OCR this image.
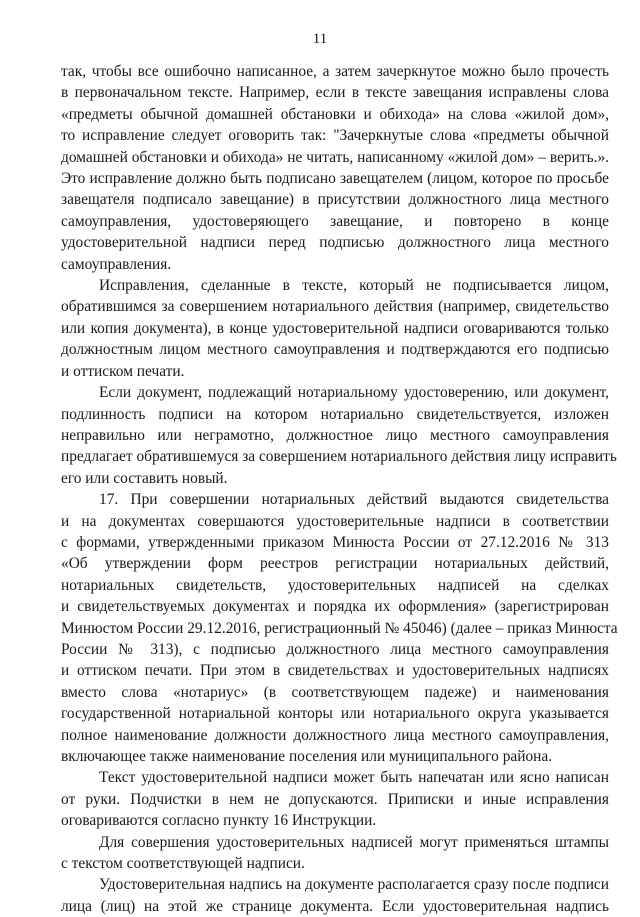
11

так, чтобы все ошибочно написанное, а затем зачеркнутое можно было прочесть
в первоначальном тексте. Например, если в тексте завещания исправлены слова
«предметы обычной домашней обстановки и обихода» на слова «жилой дом»,
то исправление следует оговорить так: "Зачеркнутые слова «предметы обычной
домашней обстановки и обихода» не читать, написанному «жилой дом» – верить.».
Это исправление должно быть подписано завещателем (лицом, которое по просьбе
завещателя подписало завещание) в присутствии должностного лица местного
самоуправления, удостоверяющего завещание, и повторено в конце
удостоверительной надписи перед подписью должностного лица местного
самоуправления.

Исправления, сделанные в тексте, который не подписывается лицом,
обратившимся за совершением нотариального действия (например, свидетельство
или копия документа), в конце удостоверительной надписи оговариваются только
должностным лицом местного самоуправления и подтверждаются его подписью
и оттиском печати.

Если документ, подлежащий нотариальному удостоверению, или документ,
подлинность подписи на котором нотариально свидетельствуется, изложен
неправильно или неграмотно, должностное лицо местного самоуправления
предлагает обратившемуся за совершением нотариального действия лицу исправить
его или составить новый.

17. При совершении нотариальных действий выдаются свидетельства
и на документах совершаются удостоверительные надписи в соответствии
с формами, утвержденными приказом Минюста России от 27.12.2016 № 313
«Об утверждении форм реестров регистрации нотариальных действий,
нотариальных свидетельств, удостоверительных надписей на сделках
и свидетельствуемых документах и порядка их оформления» (зарегистрирован
Минюстом России 29.12.2016, регистрационный № 45046) (далее – приказ Минюста
России № 313), с подписью должностного лица местного самоуправления
и оттиском печати. При этом в свидетельствах и удостоверительных надписях
вместо слова «нотариус» (в соответствующем падеже) и наименования
государственной нотариальной конторы или нотариального округа указывается
полное наименование должности должностного лица местного самоуправления,
включающее также наименование поселения или муниципального района.

Текст удостоверительной надписи может быть напечатан или ясно написан
от руки. Подчистки в нем не допускаются. Приписки и иные исправления
оговариваются согласно пункту 16 Инструкции.

Для совершения удостоверительных надписей могут применяться штампы
с текстом соответствующей надписи.

Удостоверительная надпись на документе располагается сразу после подписи
лица (лиц) на этой же странице документа. Если удостоверительная надпись
